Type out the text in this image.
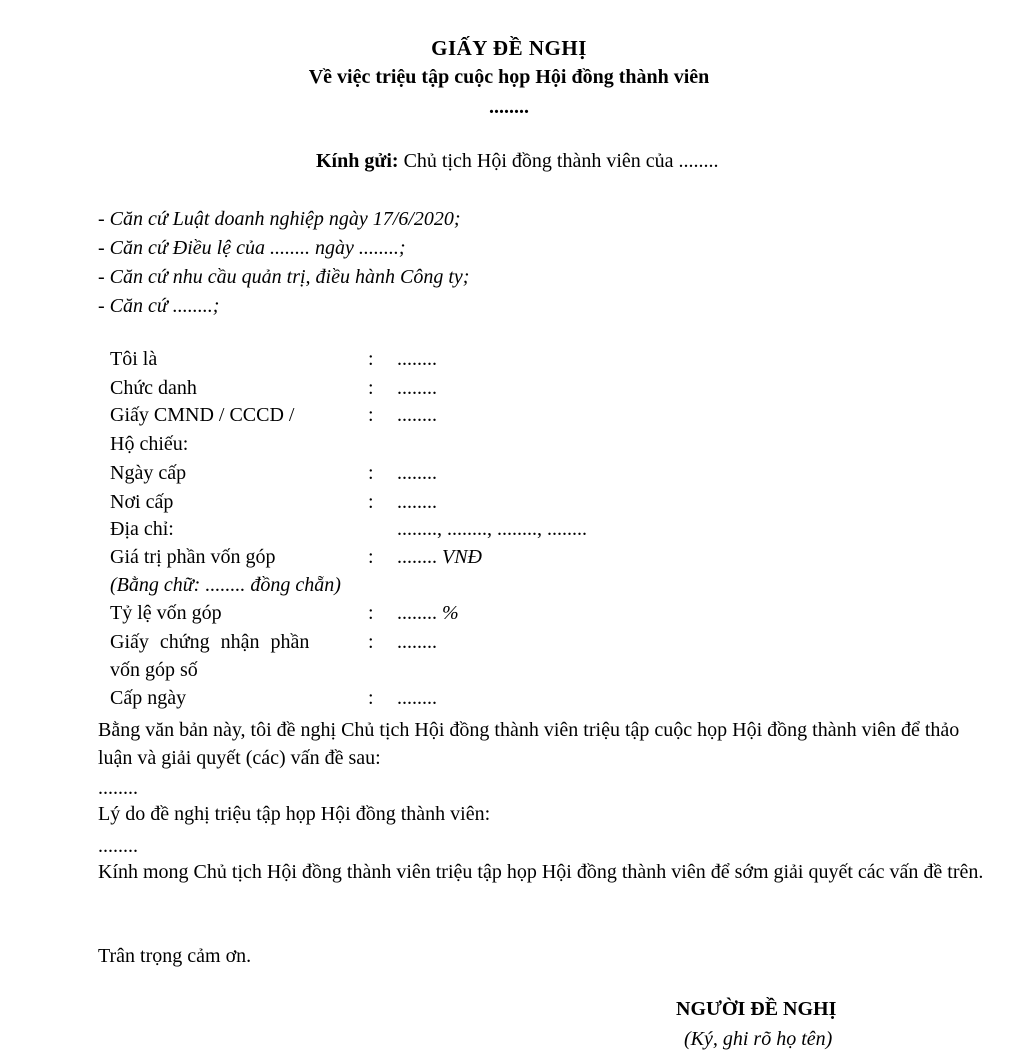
GIẤY ĐỀ NGHỊ
Về việc triệu tập cuộc họp Hội đồng thành viên
........
Kính gửi: Chủ tịch Hội đồng thành viên của ........
- Căn cứ Luật doanh nghiệp ngày 17/6/2020;
- Căn cứ Điều lệ của ........ ngày ........;
- Căn cứ nhu cầu quản trị, điều hành Công ty;
- Căn cứ ........;
Tôi là	: ........
Chức danh	: ........
Giấy CMND / CCCD /	: ........
Hộ chiếu:
Ngày cấp	: ........
Nơi cấp	: ........
Địa chỉ:	........, ........, ........, ........
Giá trị phần vốn góp	: ........ VNĐ
(Bằng chữ: ........ đồng chẵn)
Tỷ lệ vốn góp	: ........ %
Giấy chứng nhận phần	: ........
vốn góp số
Cấp ngày	: ........
Bằng văn bản này, tôi đề nghị Chủ tịch Hội đồng thành viên triệu tập cuộc họp Hội đồng thành viên để thảo luận và giải quyết (các) vấn đề sau:
........
Lý do đề nghị triệu tập họp Hội đồng thành viên:
........
Kính mong Chủ tịch Hội đồng thành viên triệu tập họp Hội đồng thành viên để sớm giải quyết các vấn đề trên.
Trân trọng cảm ơn.
NGƯỜI ĐỀ NGHỊ
(Ký, ghi rõ họ tên)
